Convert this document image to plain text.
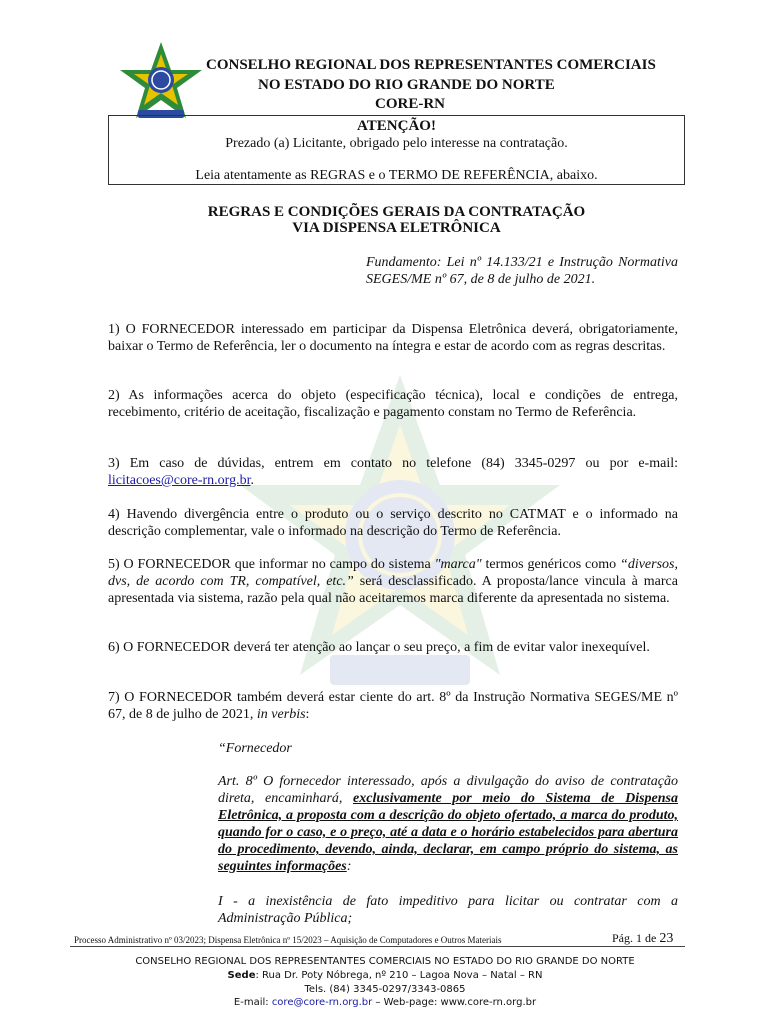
CONSELHO REGIONAL DOS REPRESENTANTES COMERCIAIS
NO ESTADO DO RIO GRANDE DO NORTE
CORE-RN
ATENÇÃO!
Prezado (a) Licitante, obrigado pelo interesse na contratação.
Leia atentamente as REGRAS e o TERMO DE REFERÊNCIA, abaixo.
REGRAS E CONDIÇÕES GERAIS DA CONTRATAÇÃO
VIA DISPENSA ELETRÔNICA
Fundamento: Lei nº 14.133/21 e Instrução Normativa SEGES/ME nº 67, de 8 de julho de 2021.
1) O FORNECEDOR interessado em participar da Dispensa Eletrônica deverá, obrigatoriamente, baixar o Termo de Referência, ler o documento na íntegra e estar de acordo com as regras descritas.
2) As informações acerca do objeto (especificação técnica), local e condições de entrega, recebimento, critério de aceitação, fiscalização e pagamento constam no Termo de Referência.
3) Em caso de dúvidas, entrem em contato no telefone (84) 3345-0297 ou por e-mail: licitacoes@core-rn.org.br.
4) Havendo divergência entre o produto ou o serviço descrito no CATMAT e o informado na descrição complementar, vale o informado na descrição do Termo de Referência.
5) O FORNECEDOR que informar no campo do sistema "marca" termos genéricos como “diversos, dvs, de acordo com TR, compatível, etc.” será desclassificado. A proposta/lance vincula à marca apresentada via sistema, razão pela qual não aceitaremos marca diferente da apresentada no sistema.
6) O FORNECEDOR deverá ter atenção ao lançar o seu preço, a fim de evitar valor inexequível.
7) O FORNECEDOR também deverá estar ciente do art. 8º da Instrução Normativa SEGES/ME nº 67, de 8 de julho de 2021, in verbis:
“Fornecedor
Art. 8º O fornecedor interessado, após a divulgação do aviso de contratação direta, encaminhará, exclusivamente por meio do Sistema de Dispensa Eletrônica, a proposta com a descrição do objeto ofertado, a marca do produto, quando for o caso, e o preço, até a data e o horário estabelecidos para abertura do procedimento, devendo, ainda, declarar, em campo próprio do sistema, as seguintes informações:
I - a inexistência de fato impeditivo para licitar ou contratar com a Administração Pública;
Processo Administrativo nº 03/2023; Dispensa Eletrônica nº 15/2023 – Aquisição de Computadores e Outros Materiais	Pág. 1 de 23
CONSELHO REGIONAL DOS REPRESENTANTES COMERCIAIS NO ESTADO DO RIO GRANDE DO NORTE
Sede: Rua Dr. Poty Nóbrega, nº 210 – Lagoa Nova – Natal – RN
Tels. (84) 3345-0297/3343-0865
E-mail: core@core-rn.org.br – Web-page: www.core-rn.org.br
